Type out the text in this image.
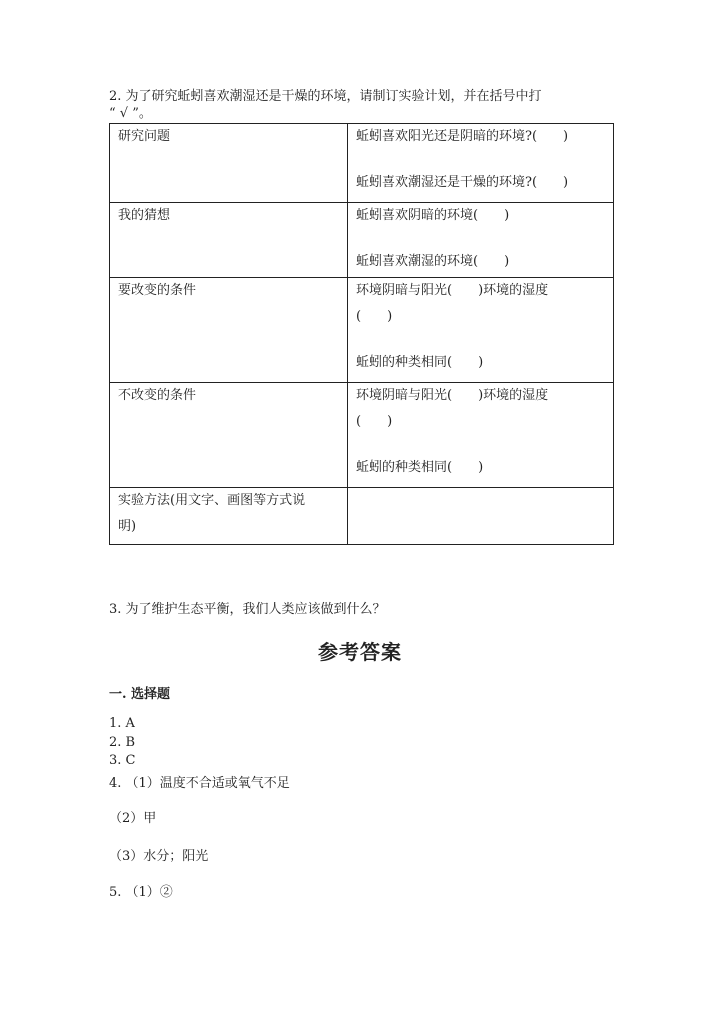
2. 为了研究蚯蚓喜欢潮湿还是干燥的环境，请制订实验计划，并在括号中打
“ √ ”。
研究问题	蚯蚓喜欢阳光还是阴暗的环境?(　　)
蚯蚓喜欢潮湿还是干燥的环境?(　　)

我的猜想	蚯蚓喜欢阴暗的环境(　　)
蚯蚓喜欢潮湿的环境(　　)

要改变的条件	环境阴暗与阳光(　　)环境的湿度
(　　)
蚯蚓的种类相同(　　)

不改变的条件	环境阴暗与阳光(　　)环境的湿度
(　　)
蚯蚓的种类相同(　　)

实验方法(用文字、画图等方式说
明)	

3. 为了维护生态平衡，我们人类应该做到什么？
参考答案
一. 选择题
1. A
2. B
3. C
4. （1）温度不合适或氧气不足
（2）甲
（3）水分；阳光
5. （1）②
